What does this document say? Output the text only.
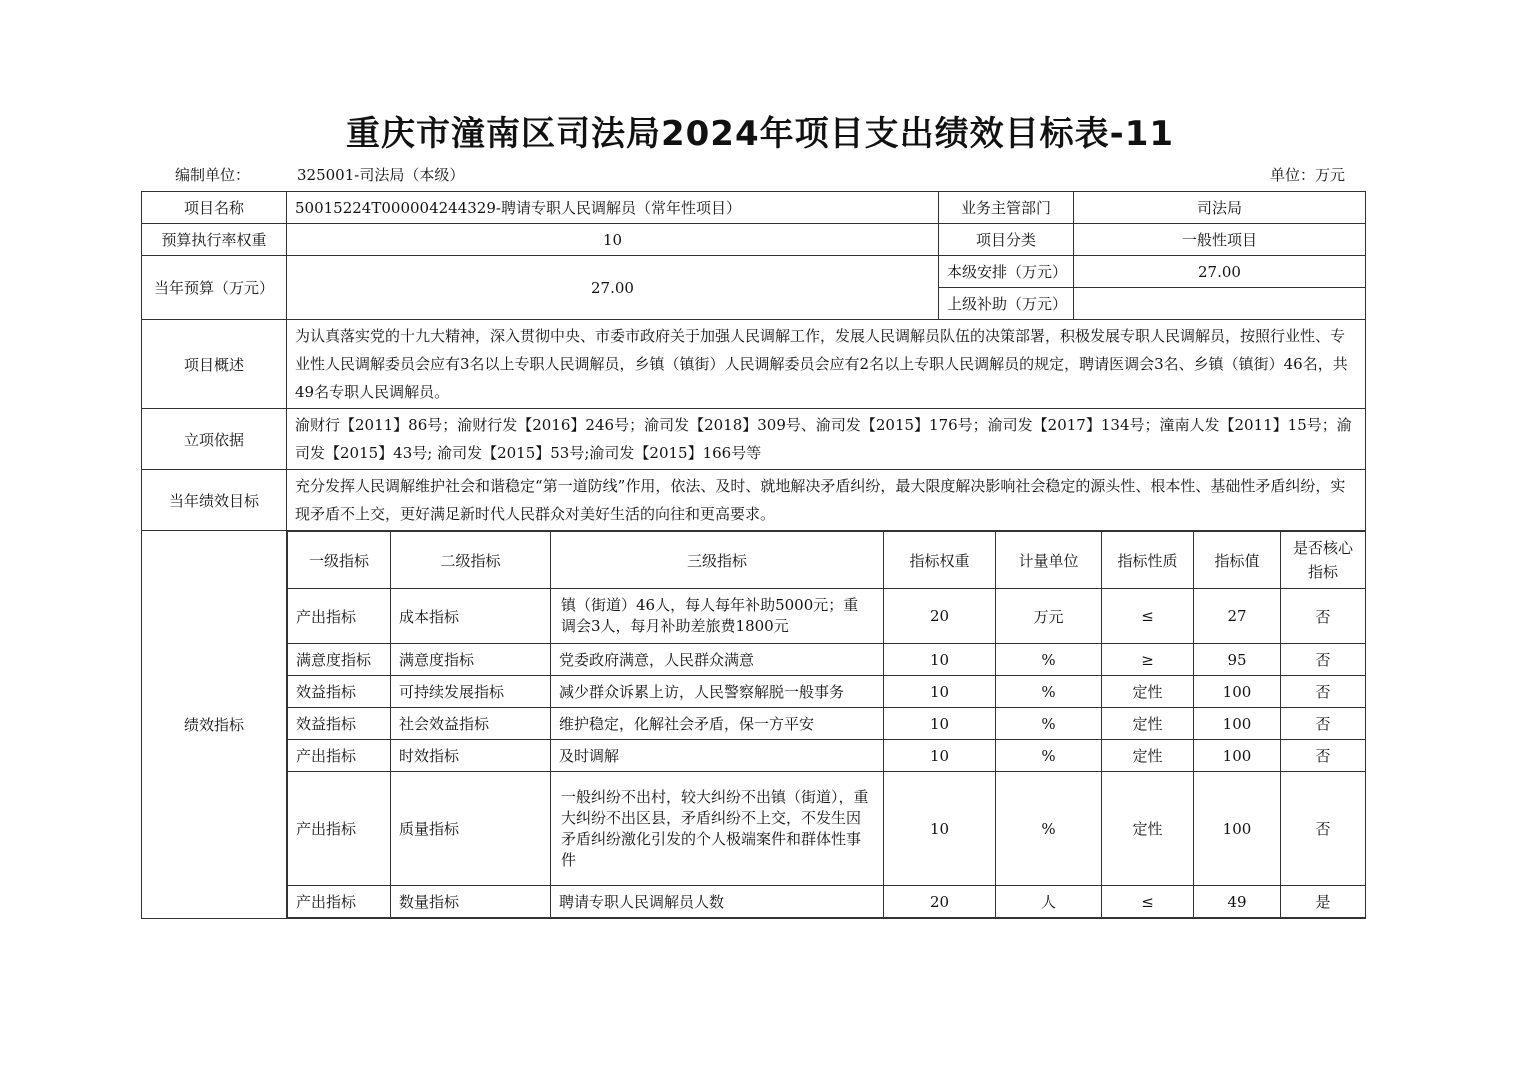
重庆市潼南区司法局2024年项目支出绩效目标表-11
编制单位：	325001-司法局（本级）	单位：万元
项目名称	50015224T000004244329-聘请专职人民调解员（常年性项目）	业务主管部门	司法局
预算执行率权重	10	项目分类	一般性项目
当年预算（万元）	27.00	本级安排（万元）	27.00
上级补助（万元）	
项目概述	为认真落实党的十九大精神，深入贯彻中央、市委市政府关于加强人民调解工作，发展人民调解员队伍的决策部署，积极发展专职人民调解员，按照行业性、专业性人民调解委员会应有3名以上专职人民调解员，乡镇（镇街）人民调解委员会应有2名以上专职人民调解员的规定，聘请医调会3名、乡镇（镇街）46名，共49名专职人民调解员。
立项依据	渝财行【2011】86号；渝财行发【2016】246号；渝司发【2018】309号、渝司发【2015】176号；渝司发【2017】134号；潼南人发【2011】15号；渝司发【2015】43号; 渝司发【2015】53号;渝司发【2015】166号等
当年绩效目标	充分发挥人民调解维护社会和谐稳定“第一道防线”作用，依法、及时、就地解决矛盾纠纷，最大限度解决影响社会稳定的源头性、根本性、基础性矛盾纠纷，实现矛盾不上交，更好满足新时代人民群众对美好生活的向往和更高要求。
绩效指标	
一级指标	二级指标	三级指标	指标权重	计量单位	指标性质	指标值	是否核心指标
产出指标	成本指标	镇（街道）46人，每人每年补助5000元；重调会3人，每月补助差旅费1800元	20	万元	≤	27	否
满意度指标	满意度指标	党委政府满意，人民群众满意	10	%	≥	95	否
效益指标	可持续发展指标	减少群众诉累上访，人民警察解脱一般事务	10	%	定性	100	否
效益指标	社会效益指标	维护稳定，化解社会矛盾，保一方平安	10	%	定性	100	否
产出指标	时效指标	及时调解	10	%	定性	100	否
产出指标	质量指标	一般纠纷不出村，较大纠纷不出镇（街道），重大纠纷不出区县，矛盾纠纷不上交，不发生因矛盾纠纷激化引发的个人极端案件和群体性事件	10	%	定性	100	否
产出指标	数量指标	聘请专职人民调解员人数	20	人	≤	49	是
